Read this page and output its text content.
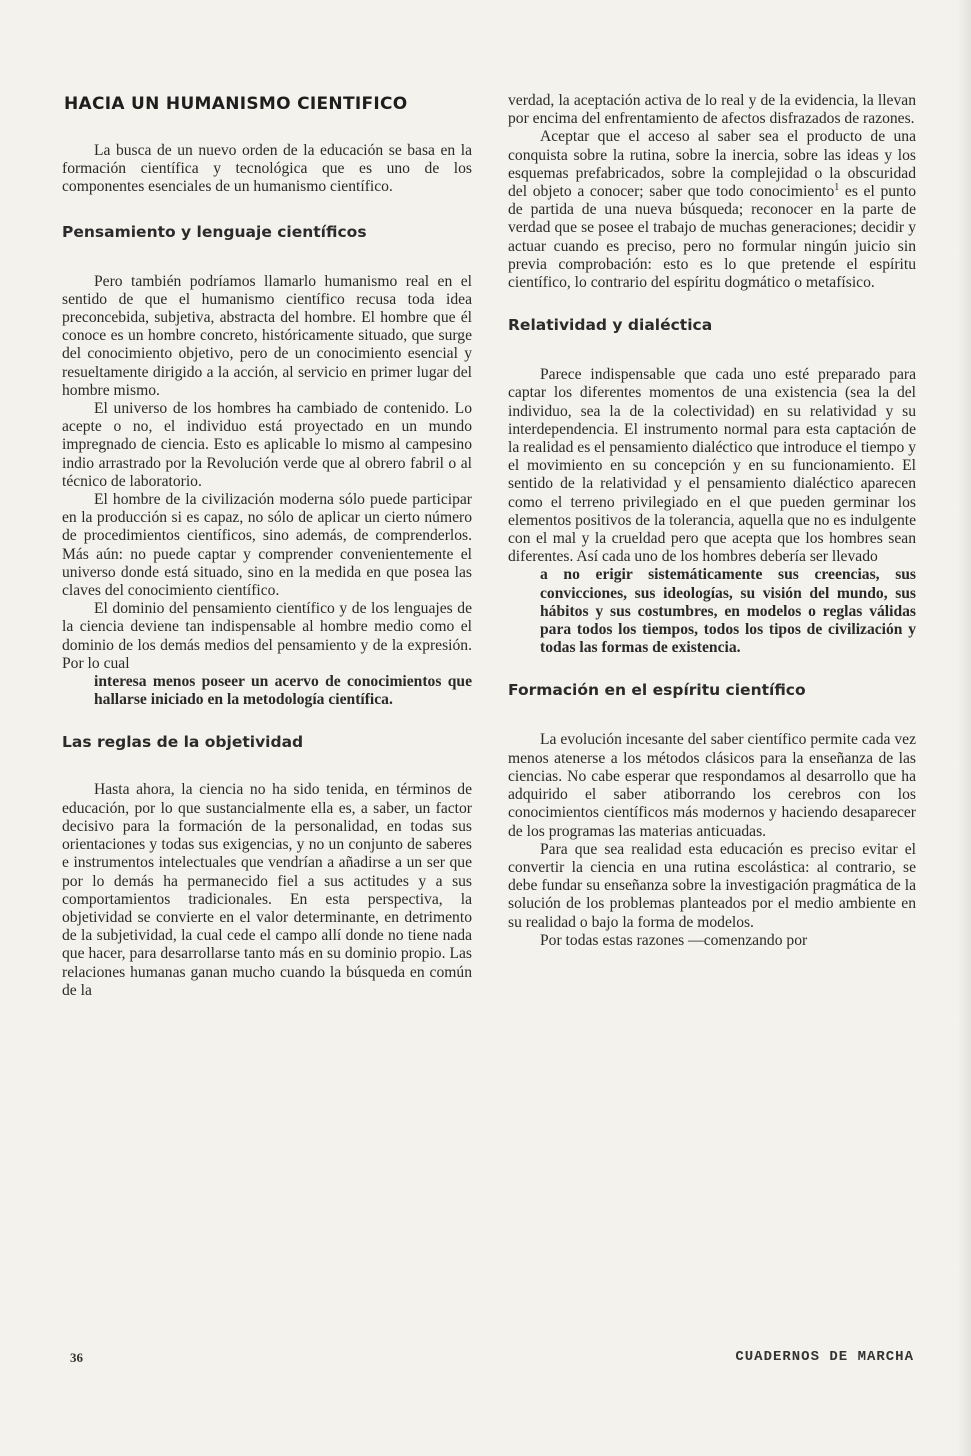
HACIA UN HUMANISMO CIENTIFICO

La busca de un nuevo orden de la educación se basa en la formación científica y tecnológica que es uno de los componentes esenciales de un humanismo científico.

Pensamiento y lenguaje científicos

Pero también podríamos llamarlo humanismo real en el sentido de que el humanismo científico recusa toda idea preconcebida, subjetiva, abstracta del hombre. El hombre que él conoce es un hombre concreto, históricamente situado, que surge del conocimiento objetivo, pero de un conocimiento esencial y resueltamente dirigido a la acción, al servicio en primer lugar del hombre mismo.

El universo de los hombres ha cambiado de contenido. Lo acepte o no, el individuo está proyectado en un mundo impregnado de ciencia. Esto es aplicable lo mismo al campesino indio arrastrado por la Revolución verde que al obrero fabril o al técnico de laboratorio.

El hombre de la civilización moderna sólo puede participar en la producción si es capaz, no sólo de aplicar un cierto número de procedimientos científicos, sino además, de comprenderlos. Más aún: no puede captar y comprender convenientemente el universo donde está situado, sino en la medida en que posea las claves del conocimiento científico.

El dominio del pensamiento científico y de los lenguajes de la ciencia deviene tan indispensable al hombre medio como el dominio de los demás medios del pensamiento y de la expresión. Por lo cual

interesa menos poseer un acervo de conocimientos que hallarse iniciado en la metodología científica.

Las reglas de la objetividad

Hasta ahora, la ciencia no ha sido tenida, en términos de educación, por lo que sustancialmente ella es, a saber, un factor decisivo para la formación de la personalidad, en todas sus orientaciones y todas sus exigencias, y no un conjunto de saberes e instrumentos intelectuales que vendrían a añadirse a un ser que por lo demás ha permanecido fiel a sus actitudes y a sus comportamientos tradicionales. En esta perspectiva, la objetividad se convierte en el valor determinante, en detrimento de la subjetividad, la cual cede el campo allí donde no tiene nada que hacer, para desarrollarse tanto más en su dominio propio. Las relaciones humanas ganan mucho cuando la búsqueda en común de la

verdad, la aceptación activa de lo real y de la evidencia, la llevan por encima del enfrentamiento de afectos disfrazados de razones.

Aceptar que el acceso al saber sea el producto de una conquista sobre la rutina, sobre la inercia, sobre las ideas y los esquemas prefabricados, sobre la complejidad o la obscuridad del objeto a conocer; saber que todo conocimiento$^1$ es el punto de partida de una nueva búsqueda; reconocer en la parte de verdad que se posee el trabajo de muchas generaciones; decidir y actuar cuando es preciso, pero no formular ningún juicio sin previa comprobación: esto es lo que pretende el espíritu científico, lo contrario del espíritu dogmático o metafísico.

Relatividad y dialéctica

Parece indispensable que cada uno esté preparado para captar los diferentes momentos de una existencia (sea la del individuo, sea la de la colectividad) en su relatividad y su interdependencia. El instrumento normal para esta captación de la realidad es el pensamiento dialéctico que introduce el tiempo y el movimiento en su concepción y en su funcionamiento. El sentido de la relatividad y el pensamiento dialéctico aparecen como el terreno privilegiado en el que pueden germinar los elementos positivos de la tolerancia, aquella que no es indulgente con el mal y la crueldad pero que acepta que los hombres sean diferentes. Así cada uno de los hombres debería ser llevado

a no erigir sistemáticamente sus creencias, sus convicciones, sus ideologías, su visión del mundo, sus hábitos y sus costumbres, en modelos o reglas válidas para todos los tiempos, todos los tipos de civilización y todas las formas de existencia.

Formación en el espíritu científico

La evolución incesante del saber científico permite cada vez menos atenerse a los métodos clásicos para la enseñanza de las ciencias. No cabe esperar que respondamos al desarrollo que ha adquirido el saber atiborrando los cerebros con los conocimientos científicos más modernos y haciendo desaparecer de los programas las materias anticuadas.

Para que sea realidad esta educación es preciso evitar el convertir la ciencia en una rutina escolástica: al contrario, se debe fundar su enseñanza sobre la investigación pragmática de la solución de los problemas planteados por el medio ambiente en su realidad o bajo la forma de modelos.

Por todas estas razones —comenzando por

36	CUADERNOS DE MARCHA
